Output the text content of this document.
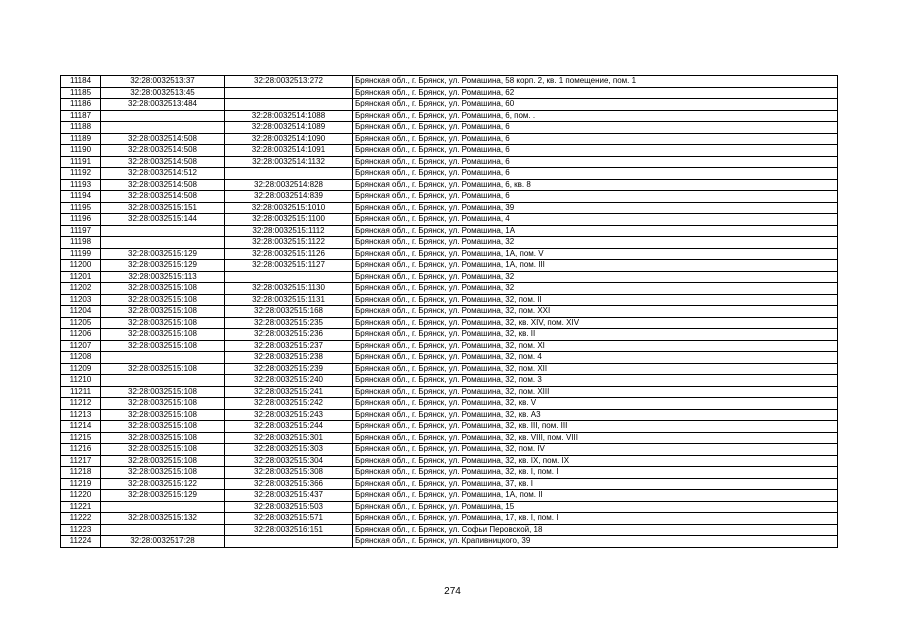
11184	32:28:0032513:37	32:28:0032513:272	Брянская обл., г. Брянск, ул. Ромашина, 58 корп. 2, кв. 1 помещение, пом. 1
11185	32:28:0032513:45		Брянская обл., г. Брянск, ул. Ромашина, 62
11186	32:28:0032513:484		Брянская обл., г. Брянск, ул. Ромашина, 60
11187		32:28:0032514:1088	Брянская обл., г. Брянск, ул. Ромашина, 6, пом. .
11188		32:28:0032514:1089	Брянская обл., г. Брянск, ул. Ромашина, 6
11189	32:28:0032514:508	32:28:0032514:1090	Брянская обл., г. Брянск, ул. Ромашина, 6
11190	32:28:0032514:508	32:28:0032514:1091	Брянская обл., г. Брянск, ул. Ромашина, 6
11191	32:28:0032514:508	32:28:0032514:1132	Брянская обл., г. Брянск, ул. Ромашина, 6
11192	32:28:0032514:512		Брянская обл., г. Брянск, ул. Ромашина, 6
11193	32:28:0032514:508	32:28:0032514:828	Брянская обл., г. Брянск, ул. Ромашина, 6, кв. 8
11194	32:28:0032514:508	32:28:0032514:839	Брянская обл., г. Брянск, ул. Ромашина, 6
11195	32:28:0032515:151	32:28:0032515:1010	Брянская обл., г. Брянск, ул. Ромашина, 39
11196	32:28:0032515:144	32:28:0032515:1100	Брянская обл., г. Брянск, ул. Ромашина, 4
11197		32:28:0032515:1112	Брянская обл., г. Брянск, ул. Ромашина, 1А
11198		32:28:0032515:1122	Брянская обл., г. Брянск, ул. Ромашина, 32
11199	32:28:0032515:129	32:28:0032515:1126	Брянская обл., г. Брянск, ул. Ромашина, 1А, пом. V
11200	32:28:0032515:129	32:28:0032515:1127	Брянская обл., г. Брянск, ул. Ромашина, 1А, пом. III
11201	32:28:0032515:113		Брянская обл., г. Брянск, ул. Ромашина, 32
11202	32:28:0032515:108	32:28:0032515:1130	Брянская обл., г. Брянск, ул. Ромашина, 32
11203	32:28:0032515:108	32:28:0032515:1131	Брянская обл., г. Брянск, ул. Ромашина, 32, пом. II
11204	32:28:0032515:108	32:28:0032515:168	Брянская обл., г. Брянск, ул. Ромашина, 32, пом. XXI
11205	32:28:0032515:108	32:28:0032515:235	Брянская обл., г. Брянск, ул. Ромашина, 32, кв. XIV, пом. XIV
11206	32:28:0032515:108	32:28:0032515:236	Брянская обл., г. Брянск, ул. Ромашина, 32, кв. II
11207	32:28:0032515:108	32:28:0032515:237	Брянская обл., г. Брянск, ул. Ромашина, 32, пом. XI
11208		32:28:0032515:238	Брянская обл., г. Брянск, ул. Ромашина, 32, пом. 4
11209	32:28:0032515:108	32:28:0032515:239	Брянская обл., г. Брянск, ул. Ромашина, 32, пом. XII
11210		32:28:0032515:240	Брянская обл., г. Брянск, ул. Ромашина, 32, пом. 3
11211	32:28:0032515:108	32:28:0032515:241	Брянская обл., г. Брянск, ул. Ромашина, 32, пом. XIII
11212	32:28:0032515:108	32:28:0032515:242	Брянская обл., г. Брянск, ул. Ромашина, 32, кв. V
11213	32:28:0032515:108	32:28:0032515:243	Брянская обл., г. Брянск, ул. Ромашина, 32, кв. А3
11214	32:28:0032515:108	32:28:0032515:244	Брянская обл., г. Брянск, ул. Ромашина, 32, кв. III, пом. III
11215	32:28:0032515:108	32:28:0032515:301	Брянская обл., г. Брянск, ул. Ромашина, 32, кв. VIII, пом. VIII
11216	32:28:0032515:108	32:28:0032515:303	Брянская обл., г. Брянск, ул. Ромашина, 32, пом. IV
11217	32:28:0032515:108	32:28:0032515:304	Брянская обл., г. Брянск, ул. Ромашина, 32, кв. IX, пом. IX
11218	32:28:0032515:108	32:28:0032515:308	Брянская обл., г. Брянск, ул. Ромашина, 32, кв. I, пом. I
11219	32:28:0032515:122	32:28:0032515:366	Брянская обл., г. Брянск, ул. Ромашина, 37, кв. I
11220	32:28:0032515:129	32:28:0032515:437	Брянская обл., г. Брянск, ул. Ромашина, 1А, пом. II
11221		32:28:0032515:503	Брянская обл., г. Брянск, ул. Ромашина, 15
11222	32:28:0032515:132	32:28:0032515:571	Брянская обл., г. Брянск, ул. Ромашина, 17, кв. I, пом. I
11223		32:28:0032516:151	Брянская обл., г. Брянск, ул. Софьи Перовской, 18
11224	32:28:0032517:28		Брянская обл., г. Брянск, ул. Крапивницкого, 39
274
